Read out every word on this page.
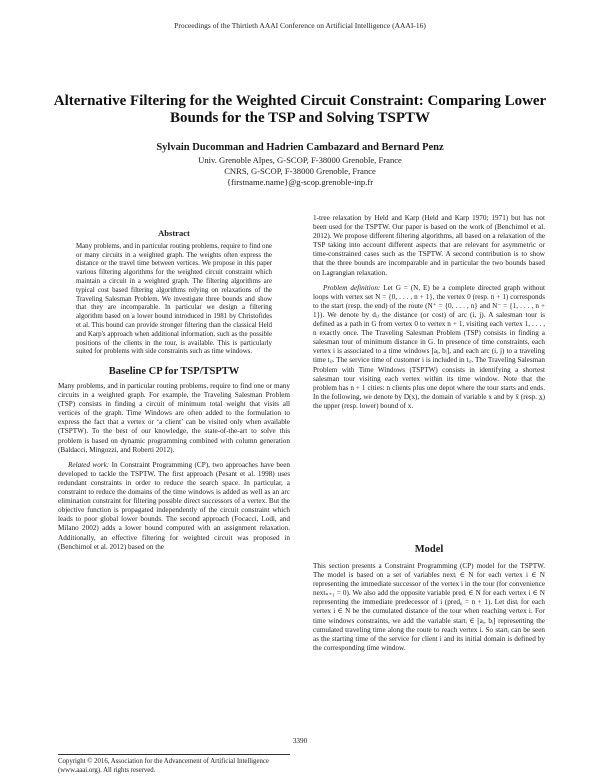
Proceedings of the Thirtieth AAAI Conference on Artificial Intelligence (AAAI-16)
Alternative Filtering for the Weighted Circuit Constraint: Comparing Lower Bounds for the TSP and Solving TSPTW
Sylvain Ducomman and Hadrien Cambazard and Bernard Penz
Univ. Grenoble Alpes, G-SCOP, F-38000 Grenoble, France
CNRS, G-SCOP, F-38000 Grenoble, France
{firstname.name}@g-scop.grenoble-inp.fr
Abstract

Many problems, and in particular routing problems, require to find one or many circuits in a weighted graph. The weights often express the distance or the travel time between vertices. We propose in this paper various filtering algorithms for the weighted circuit constraint which maintain a circuit in a weighted graph. The filtering algorithms are typical cost based filtering algorithms relying on relaxations of the Traveling Salesman Problem. We investigate three bounds and show that they are incomparable. In particular we design a filtering algorithm based on a lower bound introduced in 1981 by Christofides et al. This bound can provide stronger filtering than the classical Held and Karp's approach when additional information, such as the possible positions of the clients in the tour, is available. This is particularly suited for problems with side constraints such as time windows.

Baseline CP for TSP/TSPTW

Many problems, and in particular routing problems, require to find one or many circuits in a weighted graph. For example, the Traveling Salesman Problem (TSP) consists in finding a circuit of minimum total weight that visits all vertices of the graph. Time Windows are often added to the formulation to express the fact that a vertex or ‘a client’ can be visited only when available (TSPTW). To the best of our knowledge, the state-of-the-art to solve this problem is based on dynamic programming combined with column generation (Baldacci, Mingozzi, and Roberti 2012).

Related work: In Constraint Programming (CP), two approaches have been developed to tackle the TSPTW. The first approach (Pesant et al. 1998) uses redundant constraints in order to reduce the search space. In particular, a constraint to reduce the domains of the time windows is added as well as an arc elimination constraint for filtering possible direct successors of a vertex. But the objective function is propagated independently of the circuit constraint which leads to poor global lower bounds. The second approach (Focacci, Lodi, and Milano 2002) adds a lower bound computed with an assignment relaxation. Additionally, an effective filtering for weighted circuit was proposed in (Benchimol et al. 2012) based on the

Copyright © 2016, Association for the Advancement of Artificial Intelligence (www.aaai.org). All rights reserved.

1-tree relaxation by Held and Karp (Held and Karp 1970; 1971) but has not been used for the TSPTW. Our paper is based on the work of (Benchimol et al. 2012). We propose different filtering algorithms, all based on a relaxation of the TSP taking into account different aspects that are relevant for asymmetric or time-constrained cases such as the TSPTW. A second contribution is to show that the three bounds are incomparable and in particular the two bounds based on Lagrangian relaxation.

Problem definition: Let G = (N, E) be a complete directed graph without loops with vertex set N = {0, . . . , n + 1}, the vertex 0 (resp. n + 1) corresponds to the start (resp. the end) of the route (N⁺ = {0, . . . , n} and N⁻ = {1, . . . , n + 1}). We denote by dᵢⱼ the distance (or cost) of arc (i, j). A salesman tour is defined as a path in G from vertex 0 to vertex n + 1, visiting each vertex 1, . . . , n exactly once. The Traveling Salesman Problem (TSP) consists in finding a salesman tour of minimum distance in G. In presence of time constraints, each vertex i is associated to a time windows [aᵢ, bᵢ], and each arc (i, j) to a traveling time tᵢⱼ. The service time of customer i is included in tᵢⱼ. The Traveling Salesman Problem with Time Windows (TSPTW) consists in identifying a shortest salesman tour visiting each vertex within its time window. Note that the problem has n + 1 cities: n clients plus one depot where the tour starts and ends. In the following, we denote by D(x), the domain of variable x and by x̄ (resp. x̲) the upper (resp. lower) bound of x.

Model

This section presents a Constraint Programming (CP) model for the TSPTW. The model is based on a set of variables nextᵢ ∈ N for each vertex i ∈ N representing the immediate successor of the vertex i in the tour (for convenience nextₙ₊₁ = 0). We also add the opposite variable predᵢ ∈ N for each vertex i ∈ N representing the immediate predecessor of i (pred₀ = n + 1). Let distᵢ for each vertex i ∈ N be the cumulated distance of the tour when reaching vertex i. For time windows constraints, we add the variable startᵢ ∈ [aᵢ, bᵢ] representing the cumulated traveling time along the route to reach vertex i. So startᵢ can be seen as the starting time of the service for client i and its initial domain is defined by the corresponding time window.

3390
